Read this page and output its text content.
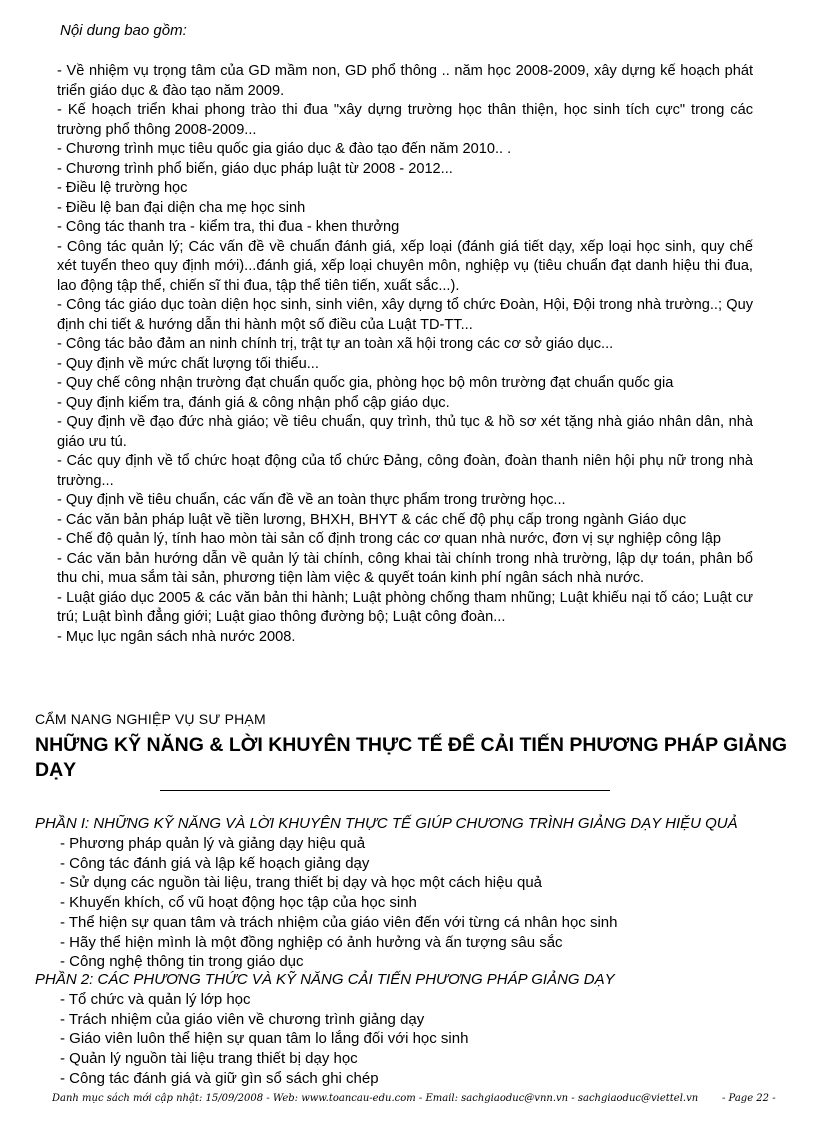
Nội dung bao gồm:
- Về nhiệm vụ trọng tâm của GD mầm non, GD phổ thông .. năm học 2008-2009, xây dựng kế hoạch phát triển giáo dục & đào tạo năm 2009.
- Kế hoạch triển khai phong trào thi đua "xây dựng trường học thân thiện, học sinh tích cực" trong các trường phổ thông 2008-2009...
- Chương trình mục tiêu quốc gia giáo dục & đào tạo đến năm 2010.. .
- Chương trình phổ biến, giáo dục pháp luật từ 2008 - 2012...
- Điều lệ trường học
- Điều lệ ban đại diện cha mẹ học sinh
- Công tác thanh tra - kiểm tra, thi đua - khen thưởng
- Công tác quản lý; Các vấn đề về chuẩn đánh giá, xếp loại (đánh giá tiết dạy, xếp loại học sinh, quy chế xét tuyển theo quy định mới)...đánh giá, xếp loại chuyên môn, nghiệp vụ (tiêu chuẩn đạt danh hiệu thi đua, lao động tập thể, chiến sĩ thi đua, tập thể tiên tiến, xuất sắc...).
- Công tác giáo dục toàn diện học sinh, sinh viên, xây dựng tổ chức Đoàn, Hội, Đội trong nhà trường..; Quy định chi tiết & hướng dẫn thi hành một số điều của Luật TD-TT...
- Công tác bảo đảm an ninh chính trị, trật tự an toàn xã hội trong các cơ sở giáo dục...
- Quy định về mức chất lượng tối thiểu...
- Quy chế công nhận trường đạt chuẩn quốc gia, phòng học bộ môn trường đạt chuẩn quốc gia
- Quy định kiểm tra, đánh giá & công nhận phổ cập giáo dục.
- Quy định về đạo đức nhà giáo; về tiêu chuẩn, quy trình, thủ tục & hồ sơ xét tặng nhà giáo nhân dân, nhà giáo ưu tú.
- Các quy định về tổ chức hoạt động của tổ chức Đảng, công đoàn, đoàn thanh niên hội phụ nữ trong nhà trường...
- Quy định về tiêu chuẩn, các vấn đề về an toàn thực phẩm trong trường học...
- Các văn bản pháp luật về tiền lương, BHXH, BHYT & các chế độ phụ cấp trong ngành Giáo dục
- Chế độ quản lý, tính hao mòn tài sản cố định trong các cơ quan nhà nước, đơn vị sự nghiệp công lập
- Các văn bản hướng dẫn về quản lý tài chính, công khai tài chính trong nhà trường, lập dự toán, phân bổ thu chi, mua sắm tài sản, phương tiện làm việc & quyết toán kinh phí ngân sách nhà nước.
- Luật giáo dục 2005 & các văn bản thi hành; Luật phòng chống tham nhũng; Luật khiếu nại tố cáo; Luật cư trú; Luật bình đẳng giới; Luật giao thông đường bộ; Luật công đoàn...
- Mục lục ngân sách nhà nước 2008.
CẨM NANG NGHIỆP VỤ SƯ PHẠM
NHỮNG KỸ NĂNG & LỜI KHUYÊN THỰC TẾ ĐỂ CẢI TIẾN PHƯƠNG PHÁP GIẢNG DẠY
PHẦN I: NHỮNG KỸ NĂNG VÀ LỜI KHUYÊN THỰC TẾ GIÚP CHƯƠNG TRÌNH GIẢNG DẠY HIỆU QUẢ
- Phương pháp quản lý và giảng dạy hiệu quả
- Công tác đánh giá và lập kế hoạch giảng dạy
- Sử dụng các nguồn tài liệu, trang thiết bị dạy và học một cách hiệu quả
- Khuyến khích, cổ vũ hoạt động học tập của học sinh
- Thể hiện sự quan tâm và trách nhiệm của giáo viên đến với từng cá nhân học sinh
- Hãy thể hiện mình là một đồng nghiệp có ảnh hưởng và ấn tượng sâu sắc
- Công nghệ thông tin trong giáo dục
PHẦN 2: CÁC PHƯƠNG THỨC VÀ KỸ NĂNG CẢI TIẾN PHƯƠNG PHÁP GIẢNG DẠY
- Tổ chức và quản lý lớp học
- Trách nhiệm của giáo viên về chương trình giảng dạy
- Giáo viên luôn thể hiện sự quan tâm lo lắng đối với học sinh
- Quản lý nguồn tài liệu trang thiết bị dạy học
- Công tác đánh giá và giữ gìn sổ sách ghi chép
Danh mục sách mới cập nhật: 15/09/2008 - Web: www.toancau-edu.com - Email: sachgiaoduc@vnn.vn - sachgiaoduc@viettel.vn - Page 22 -
